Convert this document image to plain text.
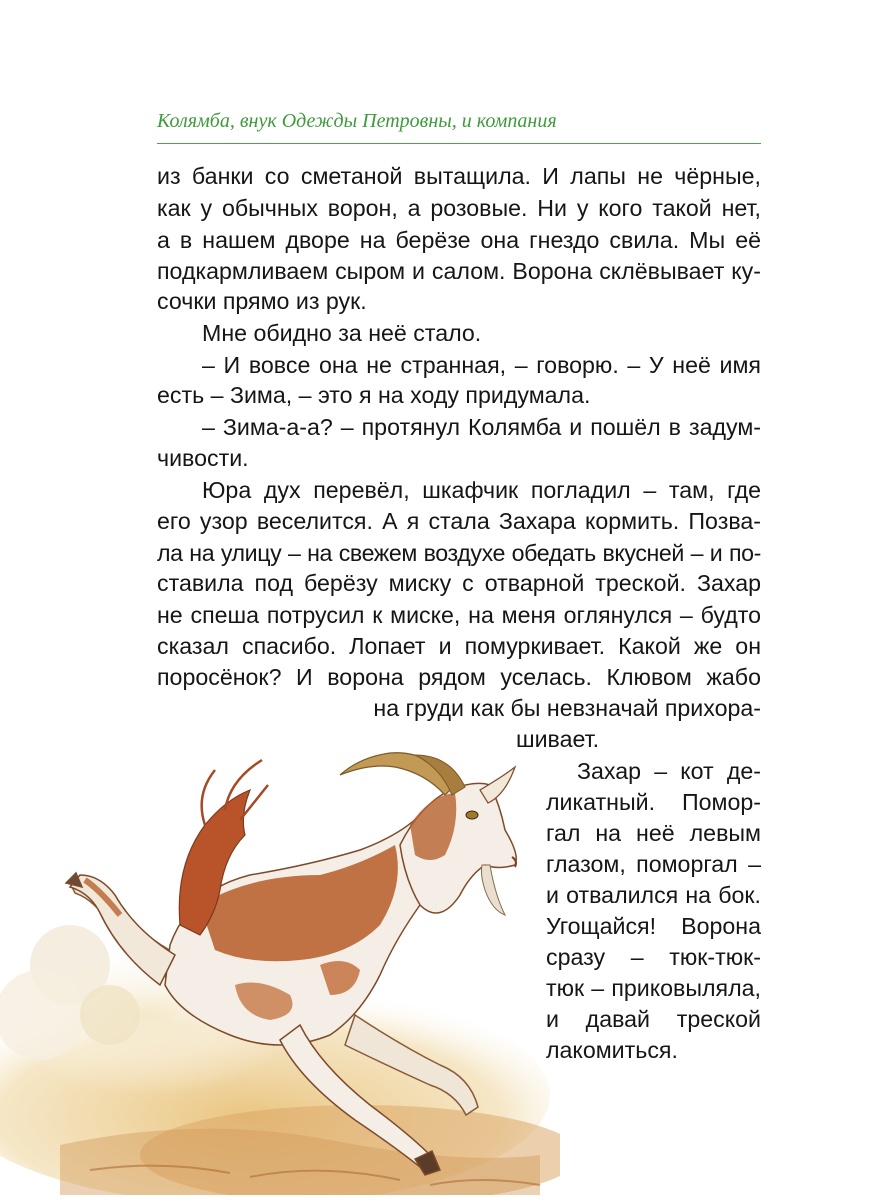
Колямба, внук Одежды Петровны, и компания
из банки со сметаной вытащила. И лапы не чёрные,
как у обычных ворон, а розовые. Ни у кого такой нет,
а в нашем дворе на берёзе она гнездо свила. Мы её
подкармливаем сыром и салом. Ворона склёвывает ку-
сочки прямо из рук.
Мне обидно за неё стало.
– И вовсе она не странная, – говорю. – У неё имя
есть – Зима, – это я на ходу придумала.
– Зима-а-а? – протянул Колямба и пошёл в задум-
чивости.
Юра дух перевёл, шкафчик погладил – там, где
его узор веселится. А я стала Захара кормить. Позва-
ла на улицу – на свежем воздухе обедать вкусней – и по-
ставила под берёзу миску с отварной треской. Захар
не спеша потрусил к миске, на меня оглянулся – будто
сказал спасибо. Лопает и помуркивает. Какой же он
поросёнок? И ворона рядом уселась. Клювом жабо
на груди как бы невзначай прихора-
шивает.
Захар – кот де-
ликатный. Помор-
гал на неё левым
глазом, поморгал –
и отвалился на бок.
Угощайся! Ворона
сразу – тюк-тюк-
тюк – приковыляла,
и давай треской
лакомиться.
